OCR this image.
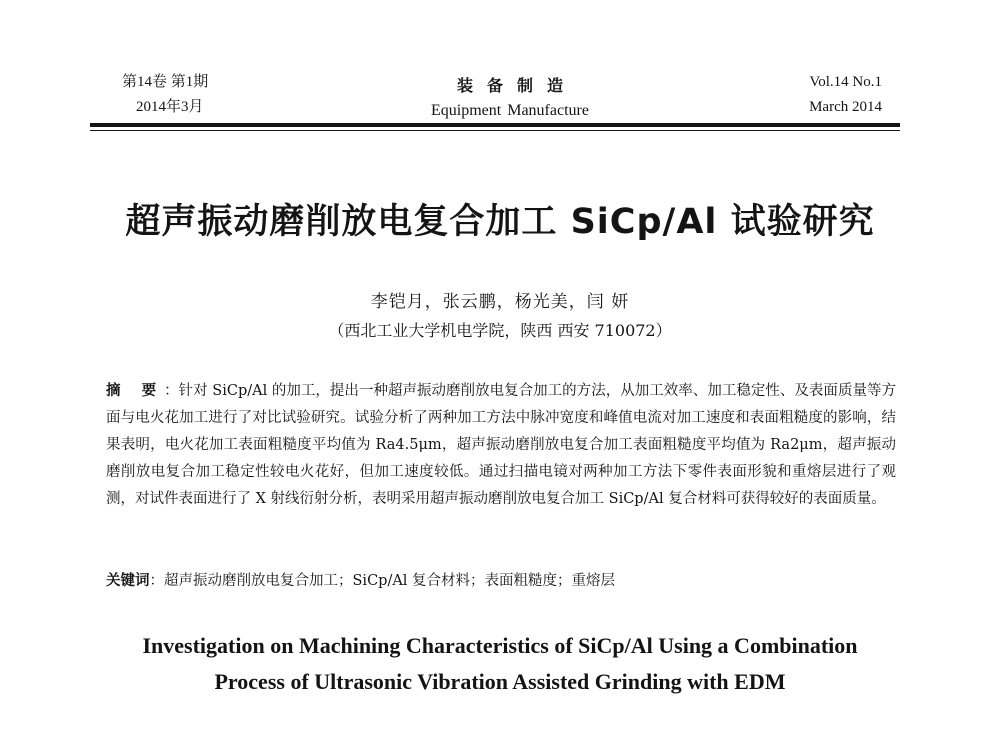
第14卷 第1期
2014年3月
装备制造
Equipment Manufacture
Vol.14 No.1
March 2014
超声振动磨削放电复合加工 SiCp/Al 试验研究
李铠月，张云鹏，杨光美，闫 妍
（西北工业大学机电学院，陕西 西安 710072）
摘 要：针对 SiCp/Al 的加工，提出一种超声振动磨削放电复合加工的方法，从加工效率、加工稳定性、及表面质量等方面与电火花加工进行了对比试验研究。试验分析了两种加工方法中脉冲宽度和峰值电流对加工速度和表面粗糙度的影响，结果表明，电火花加工表面粗糙度平均值为 Ra4.5μm，超声振动磨削放电复合加工表面粗糙度平均值为 Ra2μm，超声振动磨削放电复合加工稳定性较电火花好，但加工速度较低。通过扫描电镜对两种加工方法下零件表面形貌和重熔层进行了观测，对试件表面进行了 X 射线衍射分析，表明采用超声振动磨削放电复合加工 SiCp/Al 复合材料可获得较好的表面质量。
关键词：超声振动磨削放电复合加工；SiCp/Al 复合材料；表面粗糙度；重熔层
Investigation on Machining Characteristics of SiCp/Al Using a Combination
Process of Ultrasonic Vibration Assisted Grinding with EDM
